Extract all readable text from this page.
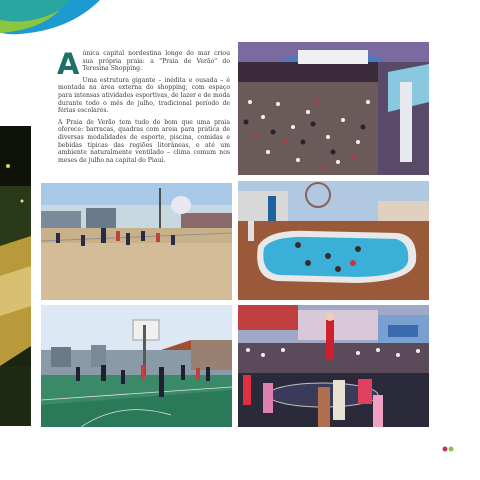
Aúnica capital nordestina longe do mar criou sua própria praia: a "Praia de Verão" do Teresina Shopping.

Uma estrutura gigante – inédita e ousada – é montada na área externa do shopping, com espaço para intensas atividades esportivas, de lazer e de moda durante todo o mês de julho, tradicional período de férias escolares.

A Praia de Verão tem tudo de bom que uma praia oferece: barracas, quadras com areia para prática de diversas modalidades de esporte, piscina, comidas e bebidas típicas das regiões litorâneas, e até um ambiente naturalmente ventilado – clima comum nos meses de julho na capital do Piauí.
